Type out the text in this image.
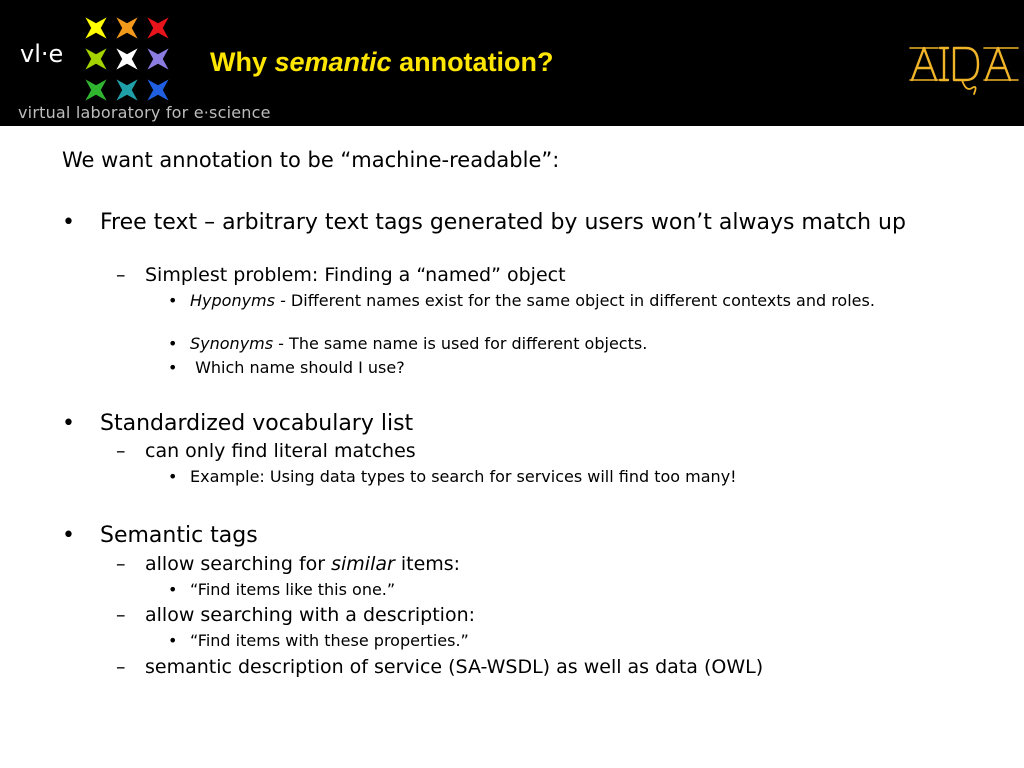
vl·e
virtual laboratory for e·science
Why semantic annotation?
AIDA
We want annotation to be “machine-readable”:
• Free text – arbitrary text tags generated by users won’t always match up
– Simplest problem: Finding a “named” object
• Hyponyms - Different names exist for the same object in different contexts and roles.
• Synonyms - The same name is used for different objects.
• Which name should I use?
• Standardized vocabulary list
– can only find literal matches
• Example: Using data types to search for services will find too many!
• Semantic tags
– allow searching for similar items:
• “Find items like this one.”
– allow searching with a description:
• “Find items with these properties.”
– semantic description of service (SA-WSDL) as well as data (OWL)
